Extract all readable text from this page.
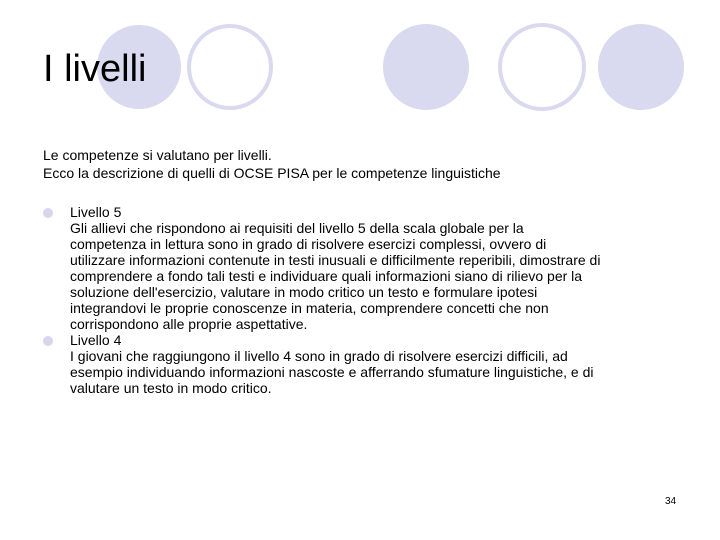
I livelli
Le competenze si valutano per livelli.
Ecco la descrizione di quelli di OCSE PISA per le competenze linguistiche
Livello 5
Gli allievi che rispondono ai requisiti del livello 5 della scala globale per la
competenza in lettura sono in grado di risolvere esercizi complessi, ovvero di
utilizzare informazioni contenute in testi inusuali e difficilmente reperibili, dimostrare di
comprendere a fondo tali testi e individuare quali informazioni siano di rilievo per la
soluzione dell'esercizio, valutare in modo critico un testo e formulare ipotesi
integrandovi le proprie conoscenze in materia, comprendere concetti che non
corrispondono alle proprie aspettative.
Livello 4
I giovani che raggiungono il livello 4 sono in grado di risolvere esercizi difficili, ad
esempio individuando informazioni nascoste e afferrando sfumature linguistiche, e di
valutare un testo in modo critico.
34
